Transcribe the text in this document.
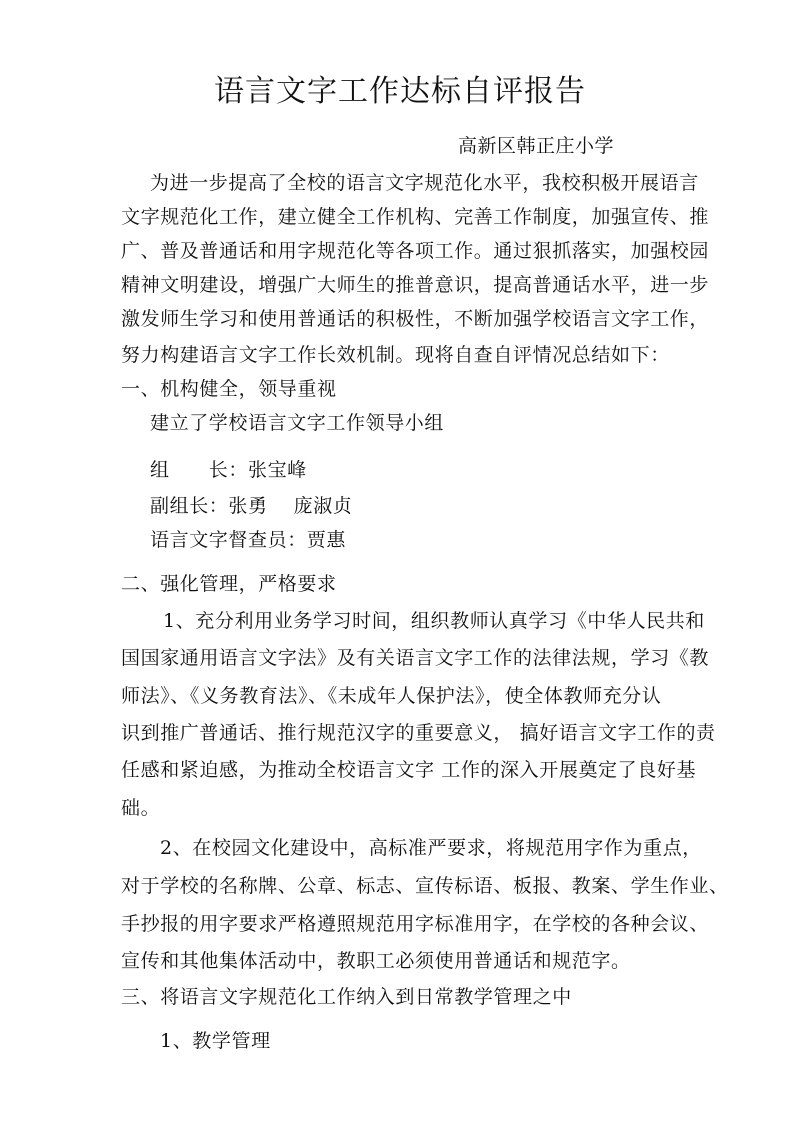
语言文字工作达标自评报告
高新区韩正庄小学
为进一步提高了全校的语言文字规范化水平，我校积极开展语言
文字规范化工作，建立健全工作机构、完善工作制度，加强宣传、推
广、普及普通话和用字规范化等各项工作。通过狠抓落实，加强校园
精神文明建设，增强广大师生的推普意识，提高普通话水平，进一步
激发师生学习和使用普通话的积极性，不断加强学校语言文字工作，
努力构建语言文字工作长效机制。现将自查自评情况总结如下：
一、机构健全，领导重视
建立了学校语言文字工作领导小组
组　　长：张宝峰
副组长：张勇 庞淑贞
语言文字督查员：贾惠
二、强化管理，严格要求
1、充分利用业务学习时间，组织教师认真学习《中华人民共和
国国家通用语言文字法》及有关语言文字工作的法律法规，学习《教
师法》、《义务教育法》、《未成年人保护法》，使全体教师充分认
识到推广普通话、推行规范汉字的重要意义， 搞好语言文字工作的责
任感和紧迫感，为推动全校语言文字 工作的深入开展奠定了良好基
础。
2、在校园文化建设中，高标准严要求，将规范用字作为重点，
对于学校的名称牌、公章、标志、宣传标语、板报、教案、学生作业、
手抄报的用字要求严格遵照规范用字标准用字，在学校的各种会议、
宣传和其他集体活动中，教职工必须使用普通话和规范字。
三、将语言文字规范化工作纳入到日常教学管理之中
1、教学管理
